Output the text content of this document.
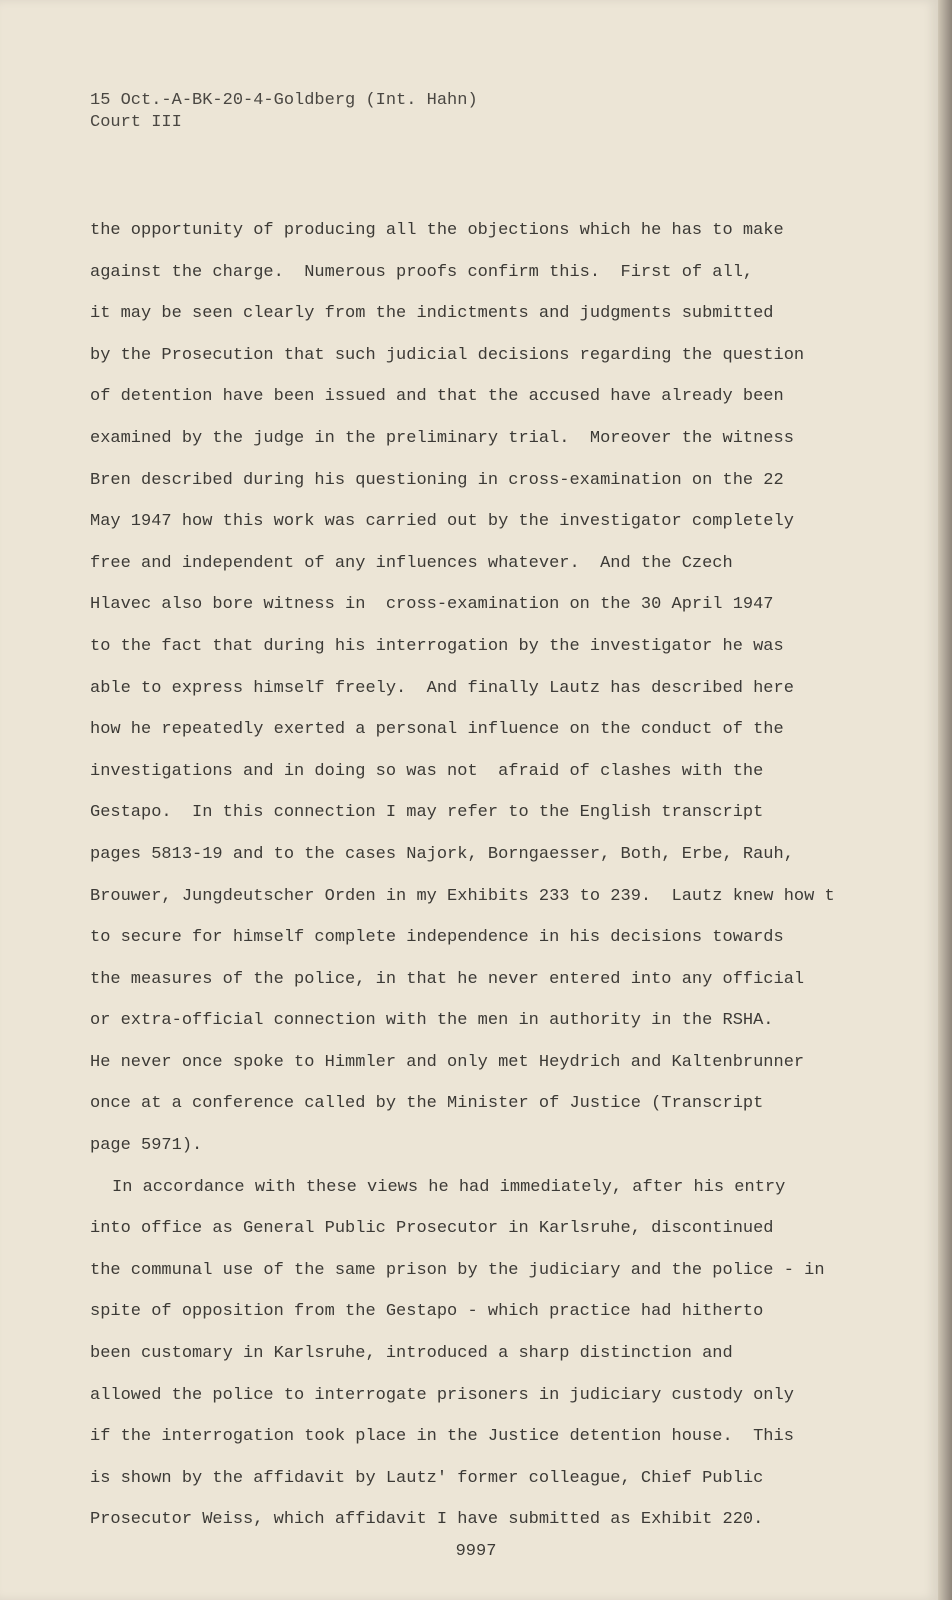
15 Oct.-A-BK-20-4-Goldberg (Int. Hahn)
Court III
the opportunity of producing all the objections which he has to make
against the charge.  Numerous proofs confirm this.  First of all,
it may be seen clearly from the indictments and judgments submitted
by the Prosecution that such judicial decisions regarding the question
of detention have been issued and that the accused have already been
examined by the judge in the preliminary trial.  Moreover the witness
Bren described during his questioning in cross-examination on the 22
May 1947 how this work was carried out by the investigator completely
free and independent of any influences whatever.  And the Czech
Hlavec also bore witness in  cross-examination on the 30 April 1947
to the fact that during his interrogation by the investigator he was
able to express himself freely.  And finally Lautz has described here
how he repeatedly exerted a personal influence on the conduct of the
investigations and in doing so was not  afraid of clashes with the
Gestapo.  In this connection I may refer to the English transcript
pages 5813-19 and to the cases Najork, Borngaesser, Both, Erbe, Rauh,
Brouwer, Jungdeutscher Orden in my Exhibits 233 to 239.  Lautz knew how t
to secure for himself complete independence in his decisions towards
the measures of the police, in that he never entered into any official
or extra-official connection with the men in authority in the RSHA.
He never once spoke to Himmler and only met Heydrich and Kaltenbrunner
once at a conference called by the Minister of Justice (Transcript
page 5971).
In accordance with these views he had immediately, after his entry
into office as General Public Prosecutor in Karlsruhe, discontinued
the communal use of the same prison by the judiciary and the police - in
spite of opposition from the Gestapo - which practice had hitherto
been customary in Karlsruhe, introduced a sharp distinction and
allowed the police to interrogate prisoners in judiciary custody only
if the interrogation took place in the Justice detention house.  This
is shown by the affidavit by Lautz' former colleague, Chief Public
Prosecutor Weiss, which affidavit I have submitted as Exhibit 220.
9997
